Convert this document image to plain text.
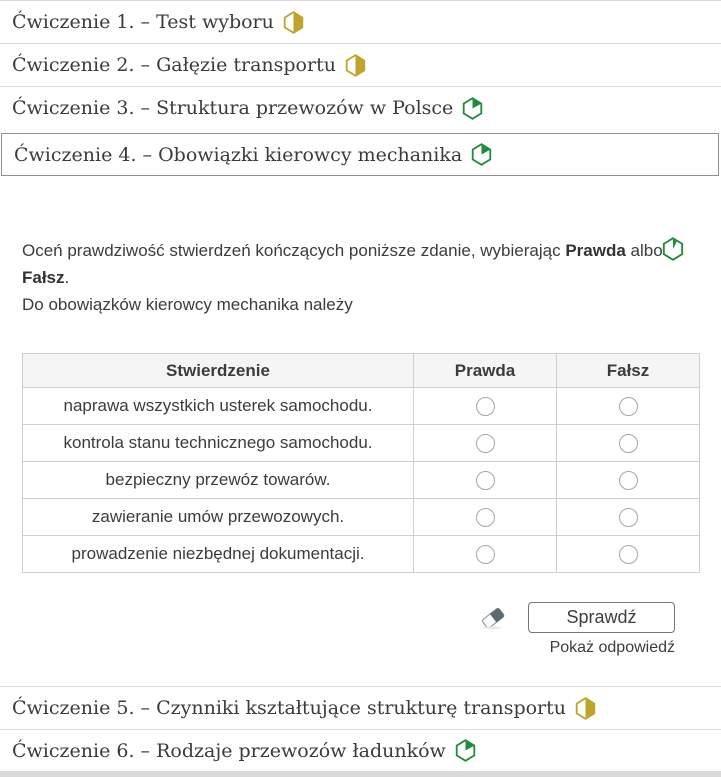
Ćwiczenie 1. – Test wyboru
Ćwiczenie 2. – Gałęzie transportu
Ćwiczenie 3. – Struktura przewozów w Polsce
Ćwiczenie 4. – Obowiązki kierowcy mechanika

Oceń prawdziwość stwierdzeń kończących poniższe zdanie, wybierając Prawda albo
Fałsz.
Do obowiązków kierowcy mechanika należy

Stwierdzenie	Prawda	Fałsz
naprawa wszystkich usterek samochodu.		
kontrola stanu technicznego samochodu.		
bezpieczny przewóz towarów.		
zawieranie umów przewozowych.		
prowadzenie niezbędnej dokumentacji.		
Sprawdź
Pokaż odpowiedź
Ćwiczenie 5. – Czynniki kształtujące strukturę transportu
Ćwiczenie 6. – Rodzaje przewozów ładunków
